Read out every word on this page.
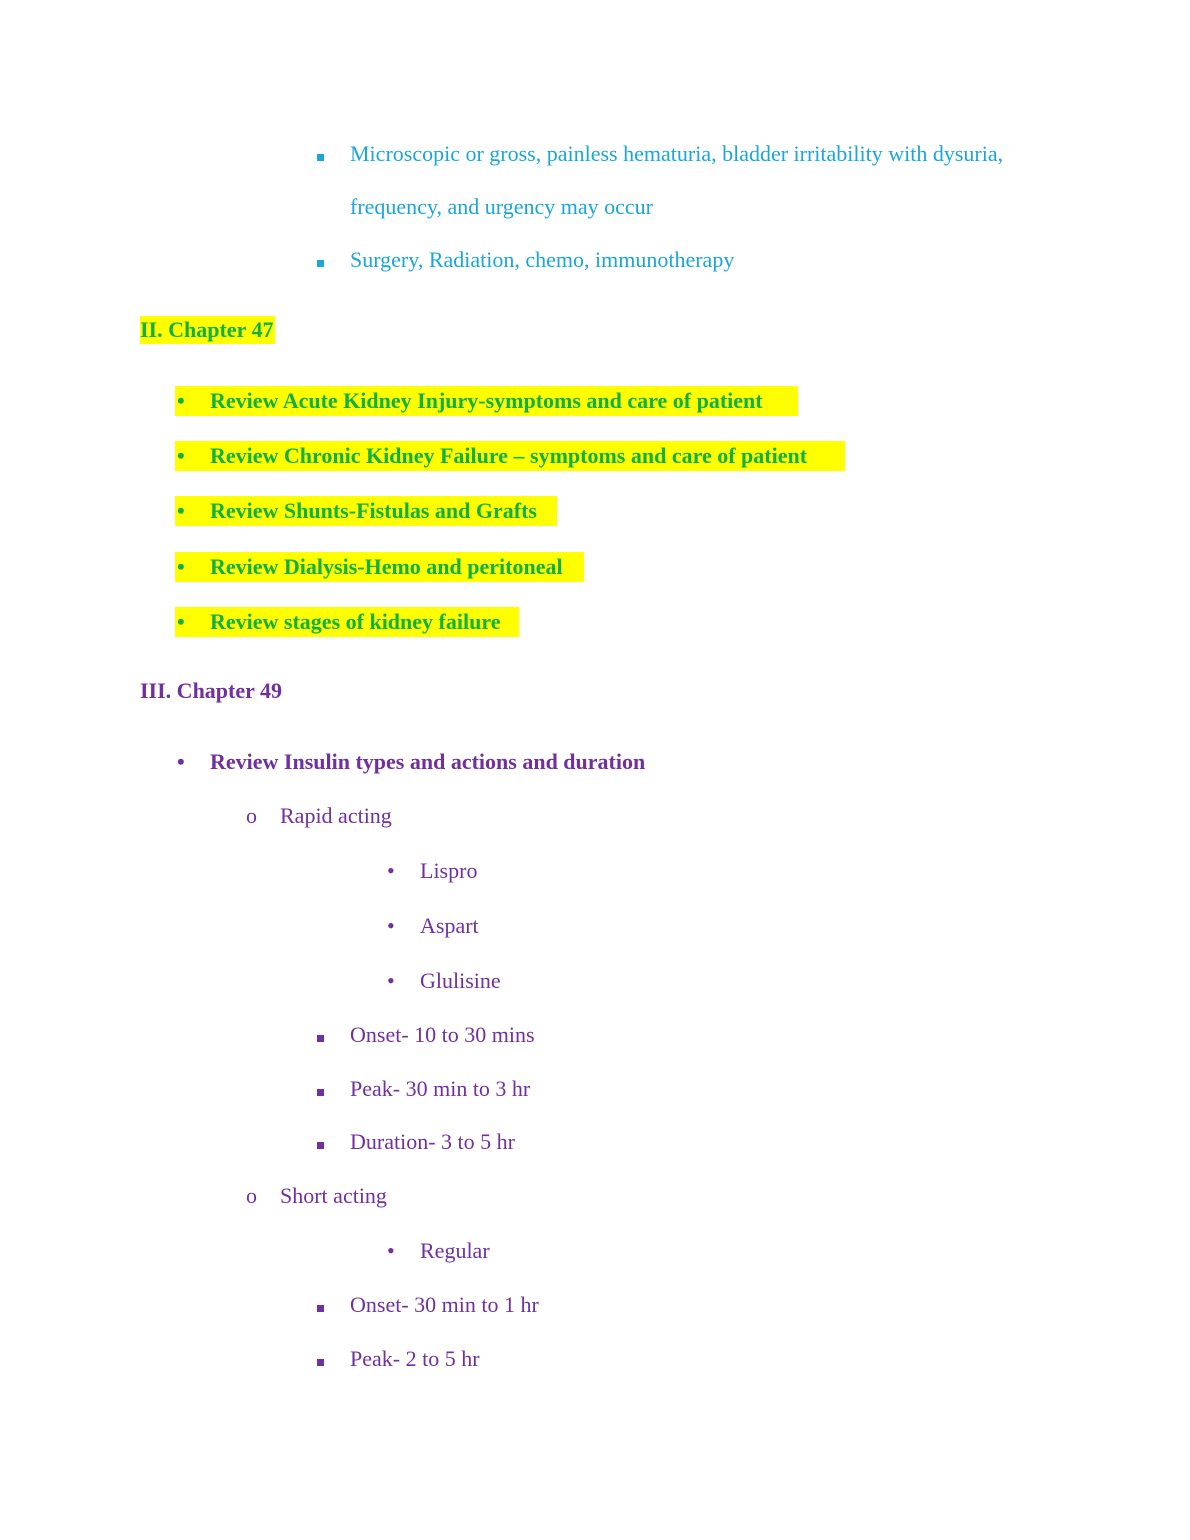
Microscopic or gross, painless hematuria, bladder irritability with dysuria,
frequency, and urgency may occur
Surgery, Radiation, chemo, immunotherapy
II. Chapter 47
• Review Acute Kidney Injury-symptoms and care of patient
• Review Chronic Kidney Failure – symptoms and care of patient
• Review Shunts-Fistulas and Grafts
• Review Dialysis-Hemo and peritoneal
• Review stages of kidney failure
III. Chapter 49
• Review Insulin types and actions and duration
o Rapid acting
• Lispro
• Aspart
• Glulisine
Onset- 10 to 30 mins
Peak- 30 min to 3 hr
Duration- 3 to 5 hr
o Short acting
• Regular
Onset- 30 min to 1 hr
Peak- 2 to 5 hr
